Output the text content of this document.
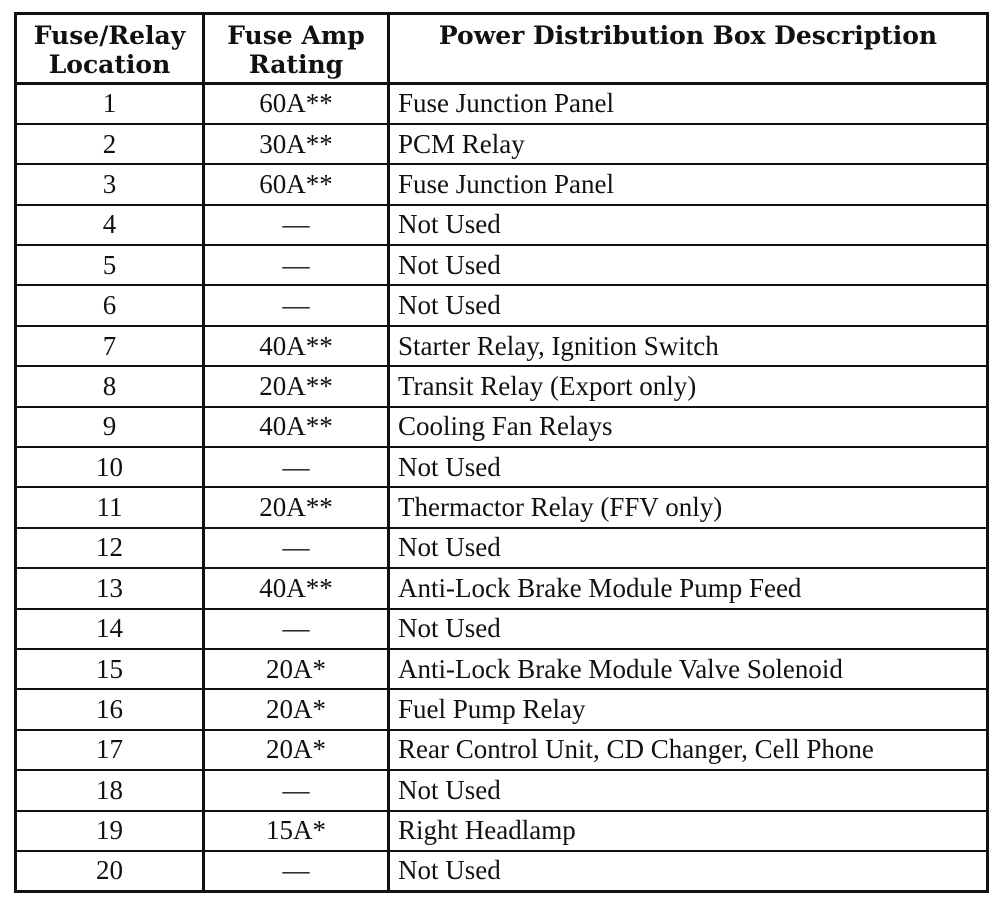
Fuse/Relay Location	Fuse Amp Rating	Power Distribution Box Description
1	60A**	Fuse Junction Panel
2	30A**	PCM Relay
3	60A**	Fuse Junction Panel
4	—	Not Used
5	—	Not Used
6	—	Not Used
7	40A**	Starter Relay, Ignition Switch
8	20A**	Transit Relay (Export only)
9	40A**	Cooling Fan Relays
10	—	Not Used
11	20A**	Thermactor Relay (FFV only)
12	—	Not Used
13	40A**	Anti-Lock Brake Module Pump Feed
14	—	Not Used
15	20A*	Anti-Lock Brake Module Valve Solenoid
16	20A*	Fuel Pump Relay
17	20A*	Rear Control Unit, CD Changer, Cell Phone
18	—	Not Used
19	15A*	Right Headlamp
20	—	Not Used
